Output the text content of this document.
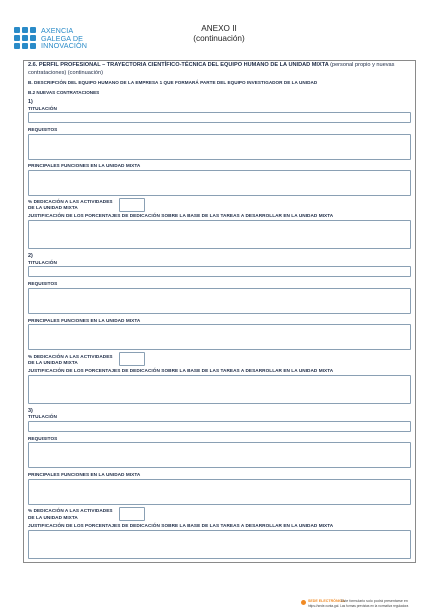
AXENCIA
GALEGA DE
INNOVACIÓN
ANEXO II
(continuación)
2.6. PERFIL PROFESIONAL – TRAYECTORIA CIENTÍFICO-TÉCNICA DEL EQUIPO HUMANO DE LA UNIDAD MIXTA (personal propio y nuevas contrataciones) (continuación)
B. DESCRIPCIÓN DEL EQUIPO HUMANO DE LA EMPRESA 1 QUE FORMARÁ PARTE DEL EQUIPO INVESTIGADOR DE LA UNIDAD
B.2 NUEVAS CONTRATACIONES
1)
TITULACIÓN
REQUISITOS
PRINCIPALES FUNCIONES EN LA UNIDAD MIXTA
% DEDICACIÓN A LAS ACTIVIDADES
DE LA UNIDAD MIXTA
JUSTIFICACIÓN DE LOS PORCENTAJES DE DEDICACIÓN SOBRE LA BASE DE LAS TAREAS A DESARROLLAR EN LA UNIDAD MIXTA
2)
TITULACIÓN
REQUISITOS
PRINCIPALES FUNCIONES EN LA UNIDAD MIXTA
% DEDICACIÓN A LAS ACTIVIDADES
DE LA UNIDAD MIXTA
JUSTIFICACIÓN DE LOS PORCENTAJES DE DEDICACIÓN SOBRE LA BASE DE LAS TAREAS A DESARROLLAR EN LA UNIDAD MIXTA
3)
TITULACIÓN
REQUISITOS
PRINCIPALES FUNCIONES EN LA UNIDAD MIXTA
% DEDICACIÓN A LAS ACTIVIDADES
DE LA UNIDAD MIXTA
JUSTIFICACIÓN DE LOS PORCENTAJES DE DEDICACIÓN SOBRE LA BASE DE LAS TAREAS A DESARROLLAR EN LA UNIDAD MIXTA
SEDE ELECTRÓNICA
Este formulario solo podrá presentarse en
https://sede.xunta.gal. Las formas previstas en la normativa reguladora
